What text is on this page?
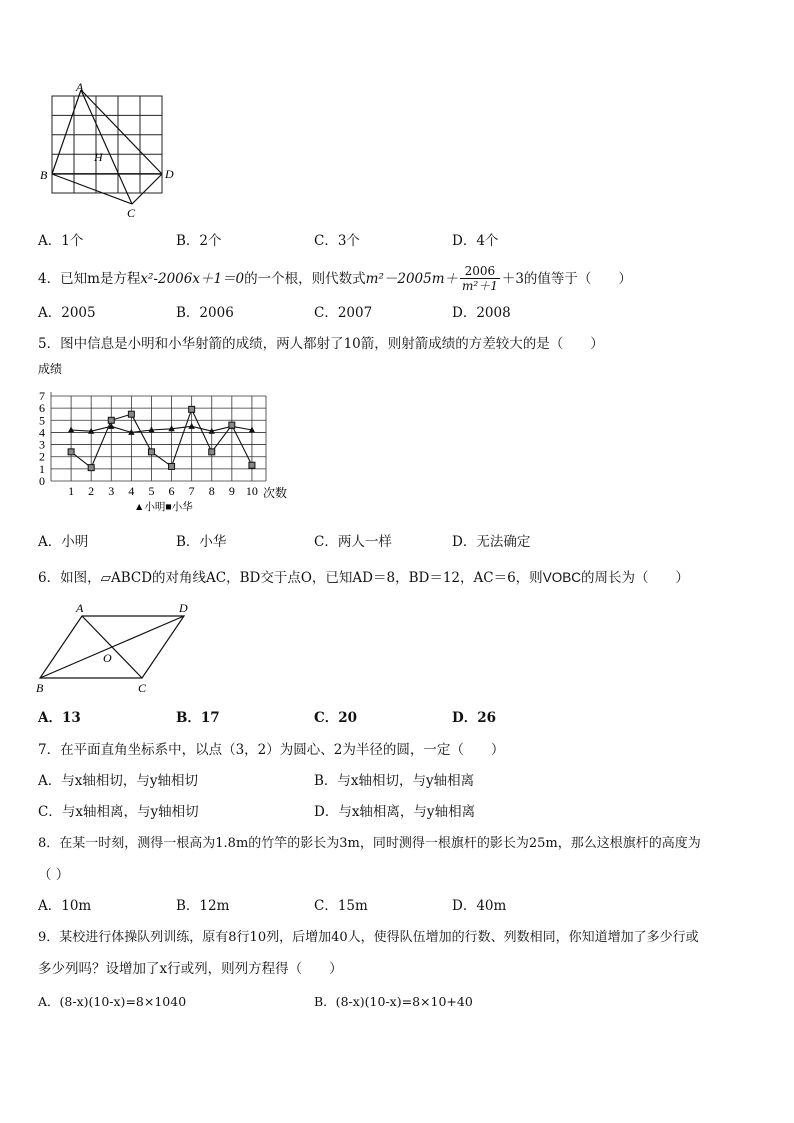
A
B
C
D
H
A．1个	B．2个	C．3个	D．4个
4．已知m是方程x²-2006x＋1＝0的一个根，则代数式$m^2-2005m+ \frac{2006}{\text{m²＋1}} +3$的值等于（　　）
A．2005	B．2006	C．2007	D．2008
5．图中信息是小明和小华射箭的成绩，两人都射了10箭，则射箭成绩的方差较大的是（　　）
0
1
2
3
4
5
6
7
1 2 3 4 5 6 7 8 9 10
成绩
次数
▲小明■小华
A．小明	B．小华	C．两人一样	D．无法确定
6．如图，▱ABCD的对角线AC，BD交于点O，已知AD＝8，BD＝12，AC＝6，则VOBC的周长为（　　）
A	D
B	C
O
A．13	B．17	C．20	D．26
7．在平面直角坐标系中，以点（3，2）为圆心、2为半径的圆，一定（　　）
A．与x轴相切，与y轴相切	B．与x轴相切，与y轴相离
C．与x轴相离，与y轴相切	D．与x轴相离，与y轴相离
8．在某一时刻，测得一根高为1.8m的竹竿的影长为3m，同时测得一根旗杆的影长为25m，那么这根旗杆的高度为
（ ）
A．10m	B．12m	C．15m	D．40m
9．某校进行体操队列训练，原有8行10列，后增加40人，使得队伍增加的行数、列数相同，你知道增加了多少行或
多少列吗？设增加了x行或列，则列方程得（　　）
A．(8-x)(10-x)=8×1040	B．(8-x)(10-x)=8×10+40
